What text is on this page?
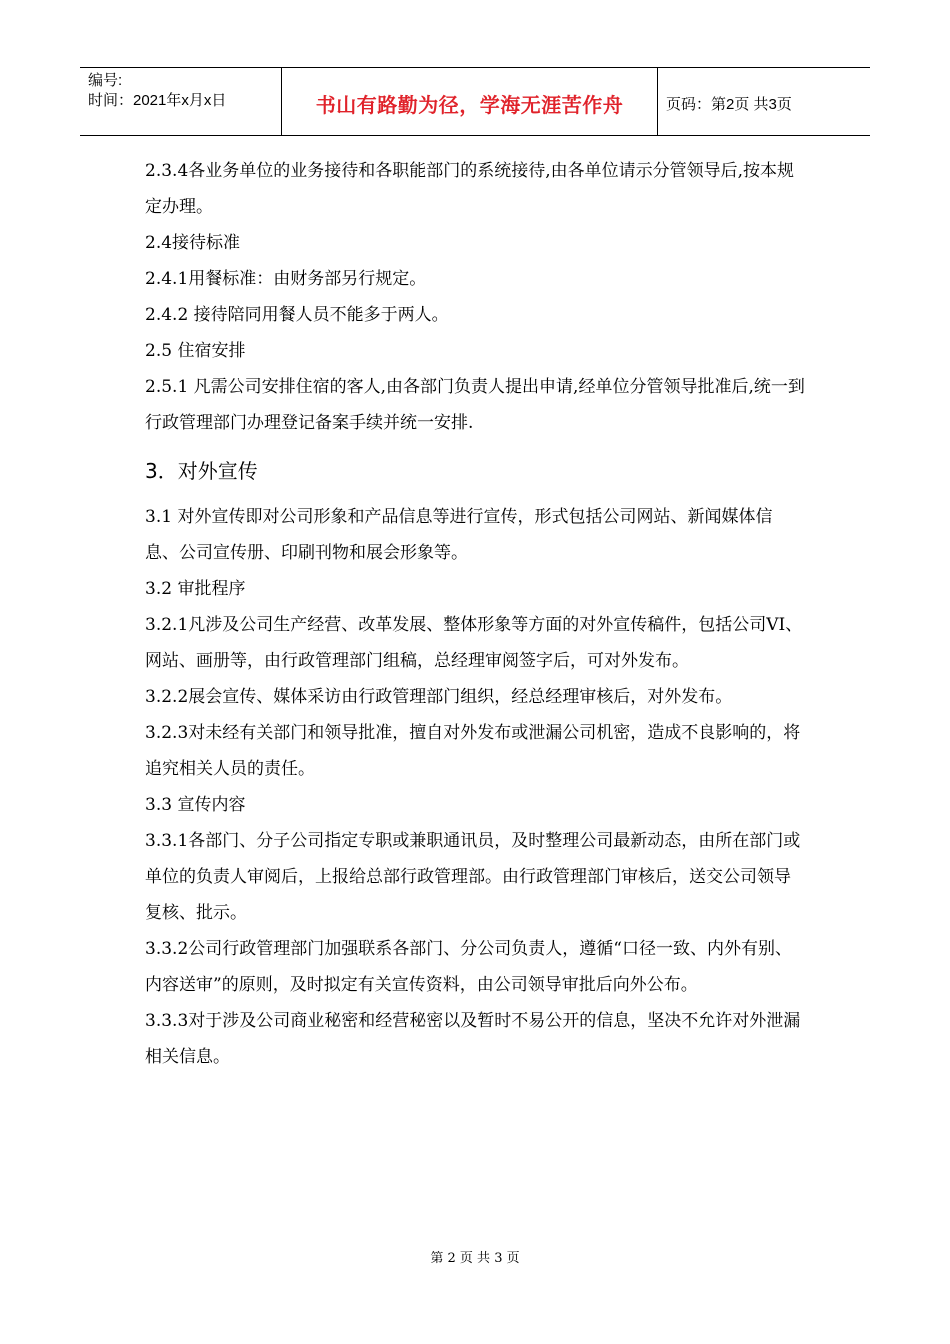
编号:
时间：2021年x月x日	书山有路勤为径，学海无涯苦作舟	页码：第2页 共3页

2.3.4各业务单位的业务接待和各职能部门的系统接待,由各单位请示分管领导后,按本规定办理。

2.4接待标准

2.4.1用餐标准：由财务部另行规定。

2.4.2 接待陪同用餐人员不能多于两人。

2.5 住宿安排

2.5.1 凡需公司安排住宿的客人,由各部门负责人提出申请,经单位分管领导批准后,统一到行政管理部门办理登记备案手续并统一安排.

3．对外宣传

3.1 对外宣传即对公司形象和产品信息等进行宣传，形式包括公司网站、新闻媒体信息、公司宣传册、印刷刊物和展会形象等。

3.2 审批程序

3.2.1凡涉及公司生产经营、改革发展、整体形象等方面的对外宣传稿件，包括公司VI、网站、画册等，由行政管理部门组稿，总经理审阅签字后，可对外发布。

3.2.2展会宣传、媒体采访由行政管理部门组织，经总经理审核后，对外发布。

3.2.3对未经有关部门和领导批准，擅自对外发布或泄漏公司机密，造成不良影响的，将追究相关人员的责任。

3.3 宣传内容

3.3.1各部门、分子公司指定专职或兼职通讯员，及时整理公司最新动态，由所在部门或单位的负责人审阅后，上报给总部行政管理部。由行政管理部门审核后，送交公司领导复核、批示。

3.3.2公司行政管理部门加强联系各部门、分公司负责人，遵循“口径一致、内外有别、内容送审”的原则，及时拟定有关宣传资料，由公司领导审批后向外公布。

3.3.3对于涉及公司商业秘密和经营秘密以及暂时不易公开的信息，坚决不允许对外泄漏相关信息。

第 2 页 共 3 页
